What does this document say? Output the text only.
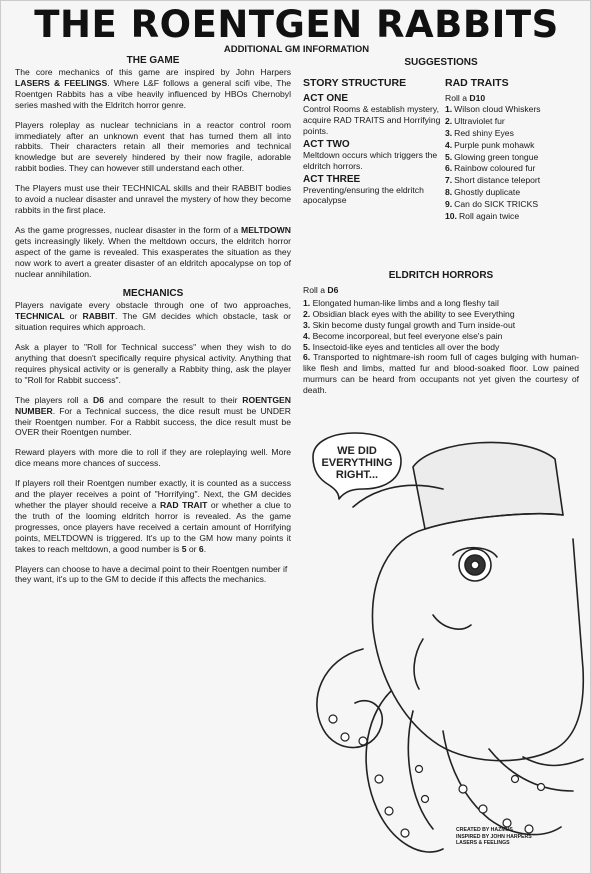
THE ROENTGEN RABBITS
ADDITIONAL GM INFORMATION
THE GAME

The core mechanics of this game are inspired by John Harpers LASERS & FEELINGS. Where L&F follows a general scifi vibe, The Roentgen Rabbits has a vibe heavily influenced by HBOs Chernobyl series mashed with the Eldritch horror genre.

Players roleplay as nuclear technicians in a reactor control room immediately after an unknown event that has turned them all into rabbits. Their characters retain all their memories and technical knowledge but are severely hindered by their now fragile, adorable rabbit bodies. They can however still understand each other.

The Players must use their TECHNICAL skills and their RABBIT bodies to avoid a nuclear disaster and unravel the mystery of how they become rabbits in the first place.

As the game progresses, nuclear disaster in the form of a MELTDOWN gets increasingly likely. When the meltdown occurs, the eldritch horror aspect of the game is revealed. This exasperates the situation as they now work to avert a greater disaster of an eldritch apocalypse on top of nuclear annihilation.

MECHANICS

Players navigate every obstacle through one of two approaches, TECHNICAL or RABBIT. The GM decides which obstacle, task or situation requires which approach.

Ask a player to "Roll for Technical success" when they wish to do anything that doesn't specifically require physical activity. Anything that requires physical activity or is generally a Rabbity thing, ask the player to "Roll for Rabbit success".

The players roll a D6 and compare the result to their ROENTGEN NUMBER. For a Technical success, the dice result must be UNDER their Roentgen number. For a Rabbit success, the dice result must be OVER their Roentgen number.

Reward players with more die to roll if they are roleplaying well. More dice means more chances of success.

If players roll their Roentgen number exactly, it is counted as a success and the player receives a point of "Horrifying". Next, the GM decides whether the player should receive a RAD TRAIT or whether a clue to the truth of the looming eldritch horror is revealed. As the game progresses, once players have received a certain amount of Horrifying points, MELTDOWN is triggered. It's up to the GM how many points it takes to reach meltdown, a good number is 5 or 6.

Players can choose to have a decimal point to their Roentgen number if they want, it's up to the GM to decide if this affects the mechanics.

SUGGESTIONS
STORY STRUCTURE
ACT ONE
Control Rooms & establish mystery, acquire RAD TRAITS and Horrifying points.
ACT TWO
Meltdown occurs which triggers the eldritch horrors.
ACT THREE
Preventing/ensuring the eldritch apocalypse
RAD TRAITS
Roll a D10
1. Wilson cloud Whiskers
2. Ultraviolet fur
3. Red shiny Eyes
4. Purple punk mohawk
5. Glowing green tongue
6. Rainbow coloured fur
7. Short distance teleport
8. Ghostly duplicate
9. Can do SICK TRICKS
10. Roll again twice
ELDRITCH HORRORS
Roll a D6
1. Elongated human-like limbs and a long fleshy tail
2. Obsidian black eyes with the ability to see Everything
3. Skin become dusty fungal growth and Turn inside-out
4. Become incorporeal, but feel everyone else's pain
5. Insectoid-like eyes and tenticles all over the body
6. Transported to nightmare-ish room full of cages bulging with human-like flesh and limbs, matted fur and blood-soaked floor. Low pained murmurs can be heard from occupants not yet given the courtesy of death.
WE DID
EVERYTHING
RIGHT...
CREATED BY HAZMUS
INSPIRED BY JOHN HARPERS
LASERS & FEELINGS
